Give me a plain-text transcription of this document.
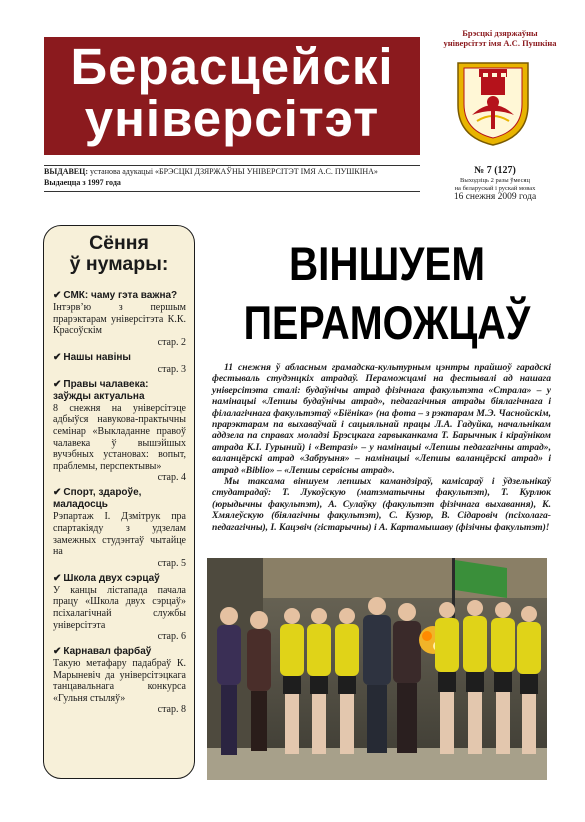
Берасцейскі
універсітэт
Брэсцкі дзяржаўны
універсітэт імя А.С. Пушкіна
ВЫДАВЕЦ: установа адукацыі «БРЭСЦКІ ДЗЯРЖАЎНЫ УНІВЕРСІТЭТ ІМЯ А.С. ПУШКІНА»
Выдаецца з 1997 года
№ 7 (127)
Выходзіць 2 разы ўмесяц
на беларускай і рускай мовах
16 снежня 2009 года
Сёння
ў нумары:
✔ СМК: чаму гэта важна?
Інтэрв’ю з першым прарэктарам універсітэта К.К. Красоўскім
стар. 2
✔ Нашы навіны
стар. 3
✔ Правы чалавека: заўжды актуальна
8 снежня на універсітэце адбыўся навукова-практычны семінар «Выкладанне правоў чалавека ў вышэйшых вучэбных установах: вопыт, праблемы, перспектывы»
стар. 4
✔ Спорт, здароўе, маладосць
Рэпартаж І. Дзмітрук пра спартакіяду з удзелам замежных студэнтаў чытайце на
стар. 5
✔ Школа двух сэрцаў
У канцы лістапада пачала працу «Школа двух сэрцаў» псіхалагічнай службы універсітэта
стар. 6
✔ Карнавал фарбаў
Такую метафару падабраў К. Марыневіч да універсітэцкага танцавальнага конкурса «Гульня стыляў»
стар. 8
ВІНШУЕМ
ПЕРАМОЖЦАЎ

11 снежня ў абласным грамадска-культурным цэнтры прайшоў гарадскі фестываль студэнцкіх атрадаў. Пераможцамі на фестывалі ад нашага універсітэта сталі: будаўнічы атрад фізічнага факультэта «Страла» – у намінацыі «Лепшы будаўнічы атрад», педагагічныя атрады біялагічнага і філалагічнага факультэтаў «Біёніка» (на фота – з рэктарам М.Э. Часнойскім, прарэктарам па выхаваўчай і сацыяльнай працы Л.А. Гадуйка, начальнікам аддзела па справах моладзі Брэсцкага гарвыканкама Т. Барычнык і кіраўніком атрада К.І. Гурыний) і «Ветразі» – у намінацыі «Лепшы педагагічны атрад», валанцёрскі атрад «Забруыня» – намінацыі «Лепшы валанцёрскі атрад» і атрад «Biblio» – «Лепшы сервісны атрад».

Мы таксама віншуем лепшых камандзіраў, камісараў і ўдзельнікаў студатрадаў: Т. Лукоўскую (матэматычны факультэт), Т. Курлюк (юрыдычны факультэт), А. Сулаўку (факультэт фізічнага выхавання), К. Хмялеўскую (біялагічны факультэт), С. Кузюр, В. Сідаровіч (псіхолага-педагагічны), І. Кацэвіч (гістарычны) і А. Картамышаву (фізічны факультэт)!
